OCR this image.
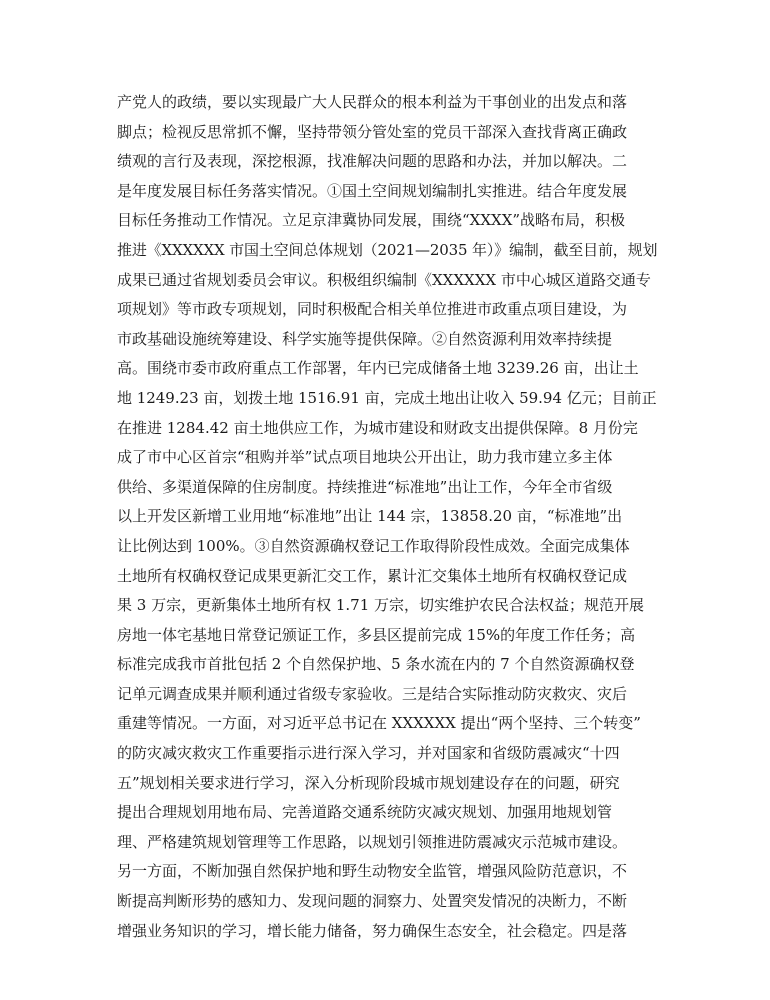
产党人的政绩，要以实现最广大人民群众的根本利益为干事创业的出发点和落
脚点；检视反思常抓不懈，坚持带领分管处室的党员干部深入查找背离正确政
绩观的言行及表现，深挖根源，找准解决问题的思路和办法，并加以解决。二
是年度发展目标任务落实情况。①国土空间规划编制扎实推进。结合年度发展
目标任务推动工作情况。立足京津冀协同发展，围绕“XXXX”战略布局，积极
推进《XXXXXX 市国土空间总体规划（2021—2035 年）》编制，截至目前，规划
成果已通过省规划委员会审议。积极组织编制《XXXXXX 市中心城区道路交通专
项规划》等市政专项规划，同时积极配合相关单位推进市政重点项目建设，为
市政基础设施统筹建设、科学实施等提供保障。②自然资源利用效率持续提
高。围绕市委市政府重点工作部署，年内已完成储备土地 3239.26 亩，出让土
地 1249.23 亩，划拨土地 1516.91 亩，完成土地出让收入 59.94 亿元；目前正
在推进 1284.42 亩土地供应工作，为城市建设和财政支出提供保障。8 月份完
成了市中心区首宗“租购并举”试点项目地块公开出让，助力我市建立多主体
供给、多渠道保障的住房制度。持续推进“标准地”出让工作，今年全市省级
以上开发区新增工业用地“标准地”出让 144 宗，13858.20 亩，“标准地”出
让比例达到 100%。③自然资源确权登记工作取得阶段性成效。全面完成集体
土地所有权确权登记成果更新汇交工作，累计汇交集体土地所有权确权登记成
果 3 万宗，更新集体土地所有权 1.71 万宗，切实维护农民合法权益；规范开展
房地一体宅基地日常登记颁证工作，多县区提前完成 15%的年度工作任务；高
标准完成我市首批包括 2 个自然保护地、5 条水流在内的 7 个自然资源确权登
记单元调查成果并顺利通过省级专家验收。三是结合实际推动防灾救灾、灾后
重建等情况。一方面，对习近平总书记在 XXXXXX 提出“两个坚持、三个转变”
的防灾减灾救灾工作重要指示进行深入学习，并对国家和省级防震减灾“十四
五”规划相关要求进行学习，深入分析现阶段城市规划建设存在的问题，研究
提出合理规划用地布局、完善道路交通系统防灾减灾规划、加强用地规划管
理、严格建筑规划管理等工作思路，以规划引领推进防震减灾示范城市建设。
另一方面，不断加强自然保护地和野生动物安全监管，增强风险防范意识，不
断提高判断形势的感知力、发现问题的洞察力、处置突发情况的决断力，不断
增强业务知识的学习，增长能力储备，努力确保生态安全，社会稳定。四是落
